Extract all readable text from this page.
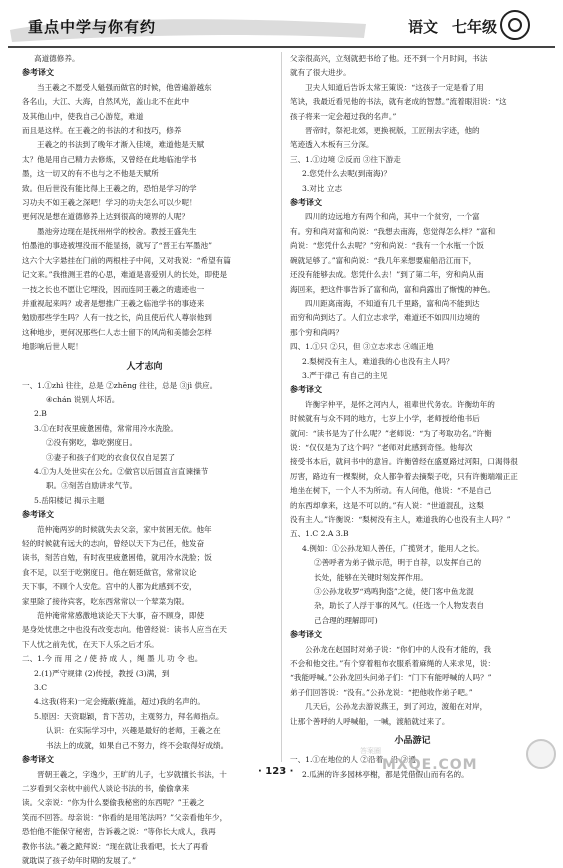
重点中学与你有约	语文 七年级
高道德修养。
参考译文
当王羲之不愿受人魁强而做官的时候，他曾遍游越东
各名山，大江、大海，自然风光，盖山北不在此中
及其他山中，使我自己心游览，难道
而且是这样。在王羲之的书法的才和技巧，修养
王羲之的书法到了晚年才渐入佳境，难道他是天赋
太？他是用自己精力去修炼，又曾经在此地临池学书
墨，这一切又的有不也与之不他是天赋所
致。但后世没有能比得上王羲之的，恐怕是学习的学
习功夫不如王羲之深吧！学习的功夫怎么可以少呢！
更何况是想在道德修养上达到很高的境界的人呢？
墨池旁边现在是抚州州学的校舍。教授王盛先生
怕墨池的事迹被埋没而不能显扬，就写了“晋王右军墨池”
这六个大字悬挂在门前的两根柱子中间，又对我说：“希望有篇
记文来。”我推测王君的心思，难道是喜爱别人的长处，即使是
一技之长也不愿让它埋没，因而连同王羲之的遗迹也一
并重视起来吗？或者是想推广王羲之临池学书的事迹来
勉励那些学生吗？人有一技之长，尚且使后代人尊崇他到
这种地步，更何况那些仁人志士留下的风尚和美德会怎样
地影响后世人呢！
人才志向
一、1.①zhì 往往，总是 ②zhēng 往往，总是 ③jì 供应。
④chán 说别人坏话。
2.B
3.①在时夜里疲惫困倦，常常用冷水洗脸。
②没有粥吃，靠吃粥度日。
③妻子和孩子们吃的衣食仅仅自足罢了
4.①为人处世实在公允。②做官以后国直言直谏操节
职。③刻苦自励讲求气节。
5.岳阳楼记 揭示主题
参考译文
范仲淹两岁的时候就失去父亲，家中贫困无依。他年
轻的时候就有远大的志向，曾经以天下为己任，他发奋
读书，刻苦自勉，有时夜里疲惫困倦，就用冷水洗脸；饭
食不足，以至于吃粥度日。他在朝廷做官，常常议论
天下事，不顾个人安危。宫中的人都为此感到不安，
家里除了接待宾客，吃东西常常以一个荤菜为限。
范仲淹常常感激地谈论天下大事，奋不顾身，即使
是身处忧患之中也没有改变志向。他曾经说：读书人应当在天
下人忧之前先忧，在天下人乐之后才乐。
二、1.今 而 用 之 / 使 持 成 人 ，绳 墨 儿 功 令 也。
2.(1)严守规律 (2)传授，教授 (3)满，到
3.C
4.这我(将来)一定会掩蔽(掩盖，超过)我的名声的。
5.原因：天资聪颖，肯下苦功，主观努力，拜名师指点。
认识：在实际学习中，兴趣是最好的老师，王羲之在
书法上的成就，如果自己不努力，终不会取得好成绩。
参考译文
晋朝王羲之，字逸少，王旷的儿子，七岁就擅长书法，十
二岁看到父亲枕中前代人谈论书法的书，偷偷拿来
读。父亲说：“你为什么要偷我秘密的东西呢？”王羲之
笑而不回答。母亲说：“你看的是用笔法吗？”父亲看他年少，
恐怕他不能保守秘密，告诉羲之说：“等你长大成人，我再
教你书法。”羲之跪拜说：“现在就让我看吧，长大了再看
就耽误了孩子幼年时期的发展了。”
父亲很高兴，立刻就把书给了他。还不到一个月时间，书法
就有了很大进步。
卫夫人知道后告诉太常王策说：“这孩子一定是看了用
笔诀，我最近看见他的书法，就有老成的智慧。”流着眼泪说：“这
孩子将来一定会超过我的名声。”
晋帝时，祭祀北郊，更换祝版，工匠削去字迹，他的
笔迹透入木板有三分深。
三、1.①边境 ②反而 ③往下游走
2.您凭什么去呢(到南海)？
3.对比 立志
参考译文
四川的边远地方有两个和尚，其中一个贫穷，一个富
有。穷和尚对富和尚说：“我想去南海，您觉得怎么样？”富和
尚说：“您凭什么去呢？”穷和尚说：“我有一个水瓶一个饭
碗就足够了。”富和尚说：“我几年来想要雇船沿江而下，
还没有能够去成。您凭什么去！”到了第二年，穷和尚从南
海回来，把这件事告诉了富和尚，富和尚露出了惭愧的神色。
四川距离南海，不知道有几千里路，富和尚不能到达
而穷和尚到达了。人们立志求学，难道还不如四川边境的
那个穷和尚吗？
四、1.①只 ②只，但 ③立志求志 ④端正地
2.梨树没有主人，难道我的心也没有主人吗？
3.严于律己 有自己的主见
参考译文
许衡字仲平，是怀之河内人，祖辈世代务农。许衡幼年的
时候就有与众不同的地方，七岁上小学，老师授给他书后
就问：“读书是为了什么呢？”老师说：“为了考取功名。”许衡
说：“仅仅是为了这个吗？”老师对此感到奇怪。他每次
接受书本后，就问书中的意旨。许衡曾经在盛夏路过河阳，口渴得很
厉害，路边有一棵梨树，众人都争着去摘梨子吃，只有许衡端端正正
地坐在树下，一个人不为所动。有人问他，他说：“不是自己
的东西却拿来，这是不可以的。”有人说：“世道混乱，这梨
没有主人。”许衡说：“梨树没有主人，难道我的心也没有主人吗？”
五、1.C 2.A 3.B
4.例如：①公孙龙知人善任，广揽贤才，能用人之长。
②善呼者为弟子做示范，明于自荐，以发挥自己的
长处，能够在关键时刻发挥作用。
③公孙龙收罗“鸡鸣狗盗”之徒，使门客中鱼龙混
杂，助长了人浮于事的风气。(任选一个人物发表自
己合理的理解即可)
参考译文
公孙龙在赵国时对弟子说：“你们中的人没有才能的，我
不会和他交往。”有个穿着粗布衣服系着麻绳的人来求见，说：
“我能呼喊。”公孙龙回头问弟子们：“门下有能呼喊的人吗？”
弟子们回答说：“没有。”公孙龙说：“把他收作弟子吧。”
几天后，公孙龙去游说燕王，到了河边，渡船在对岸，
让那个善呼的人呼喊船，一喊，渡船就过来了。
小品游记
一、1.①在地位的人 ②沿着，沿 ③通
2.瓜洲的许多园林亭榭，都是凭借假山而有名的。
答案圈
MXQE.COM
· 123 ·
